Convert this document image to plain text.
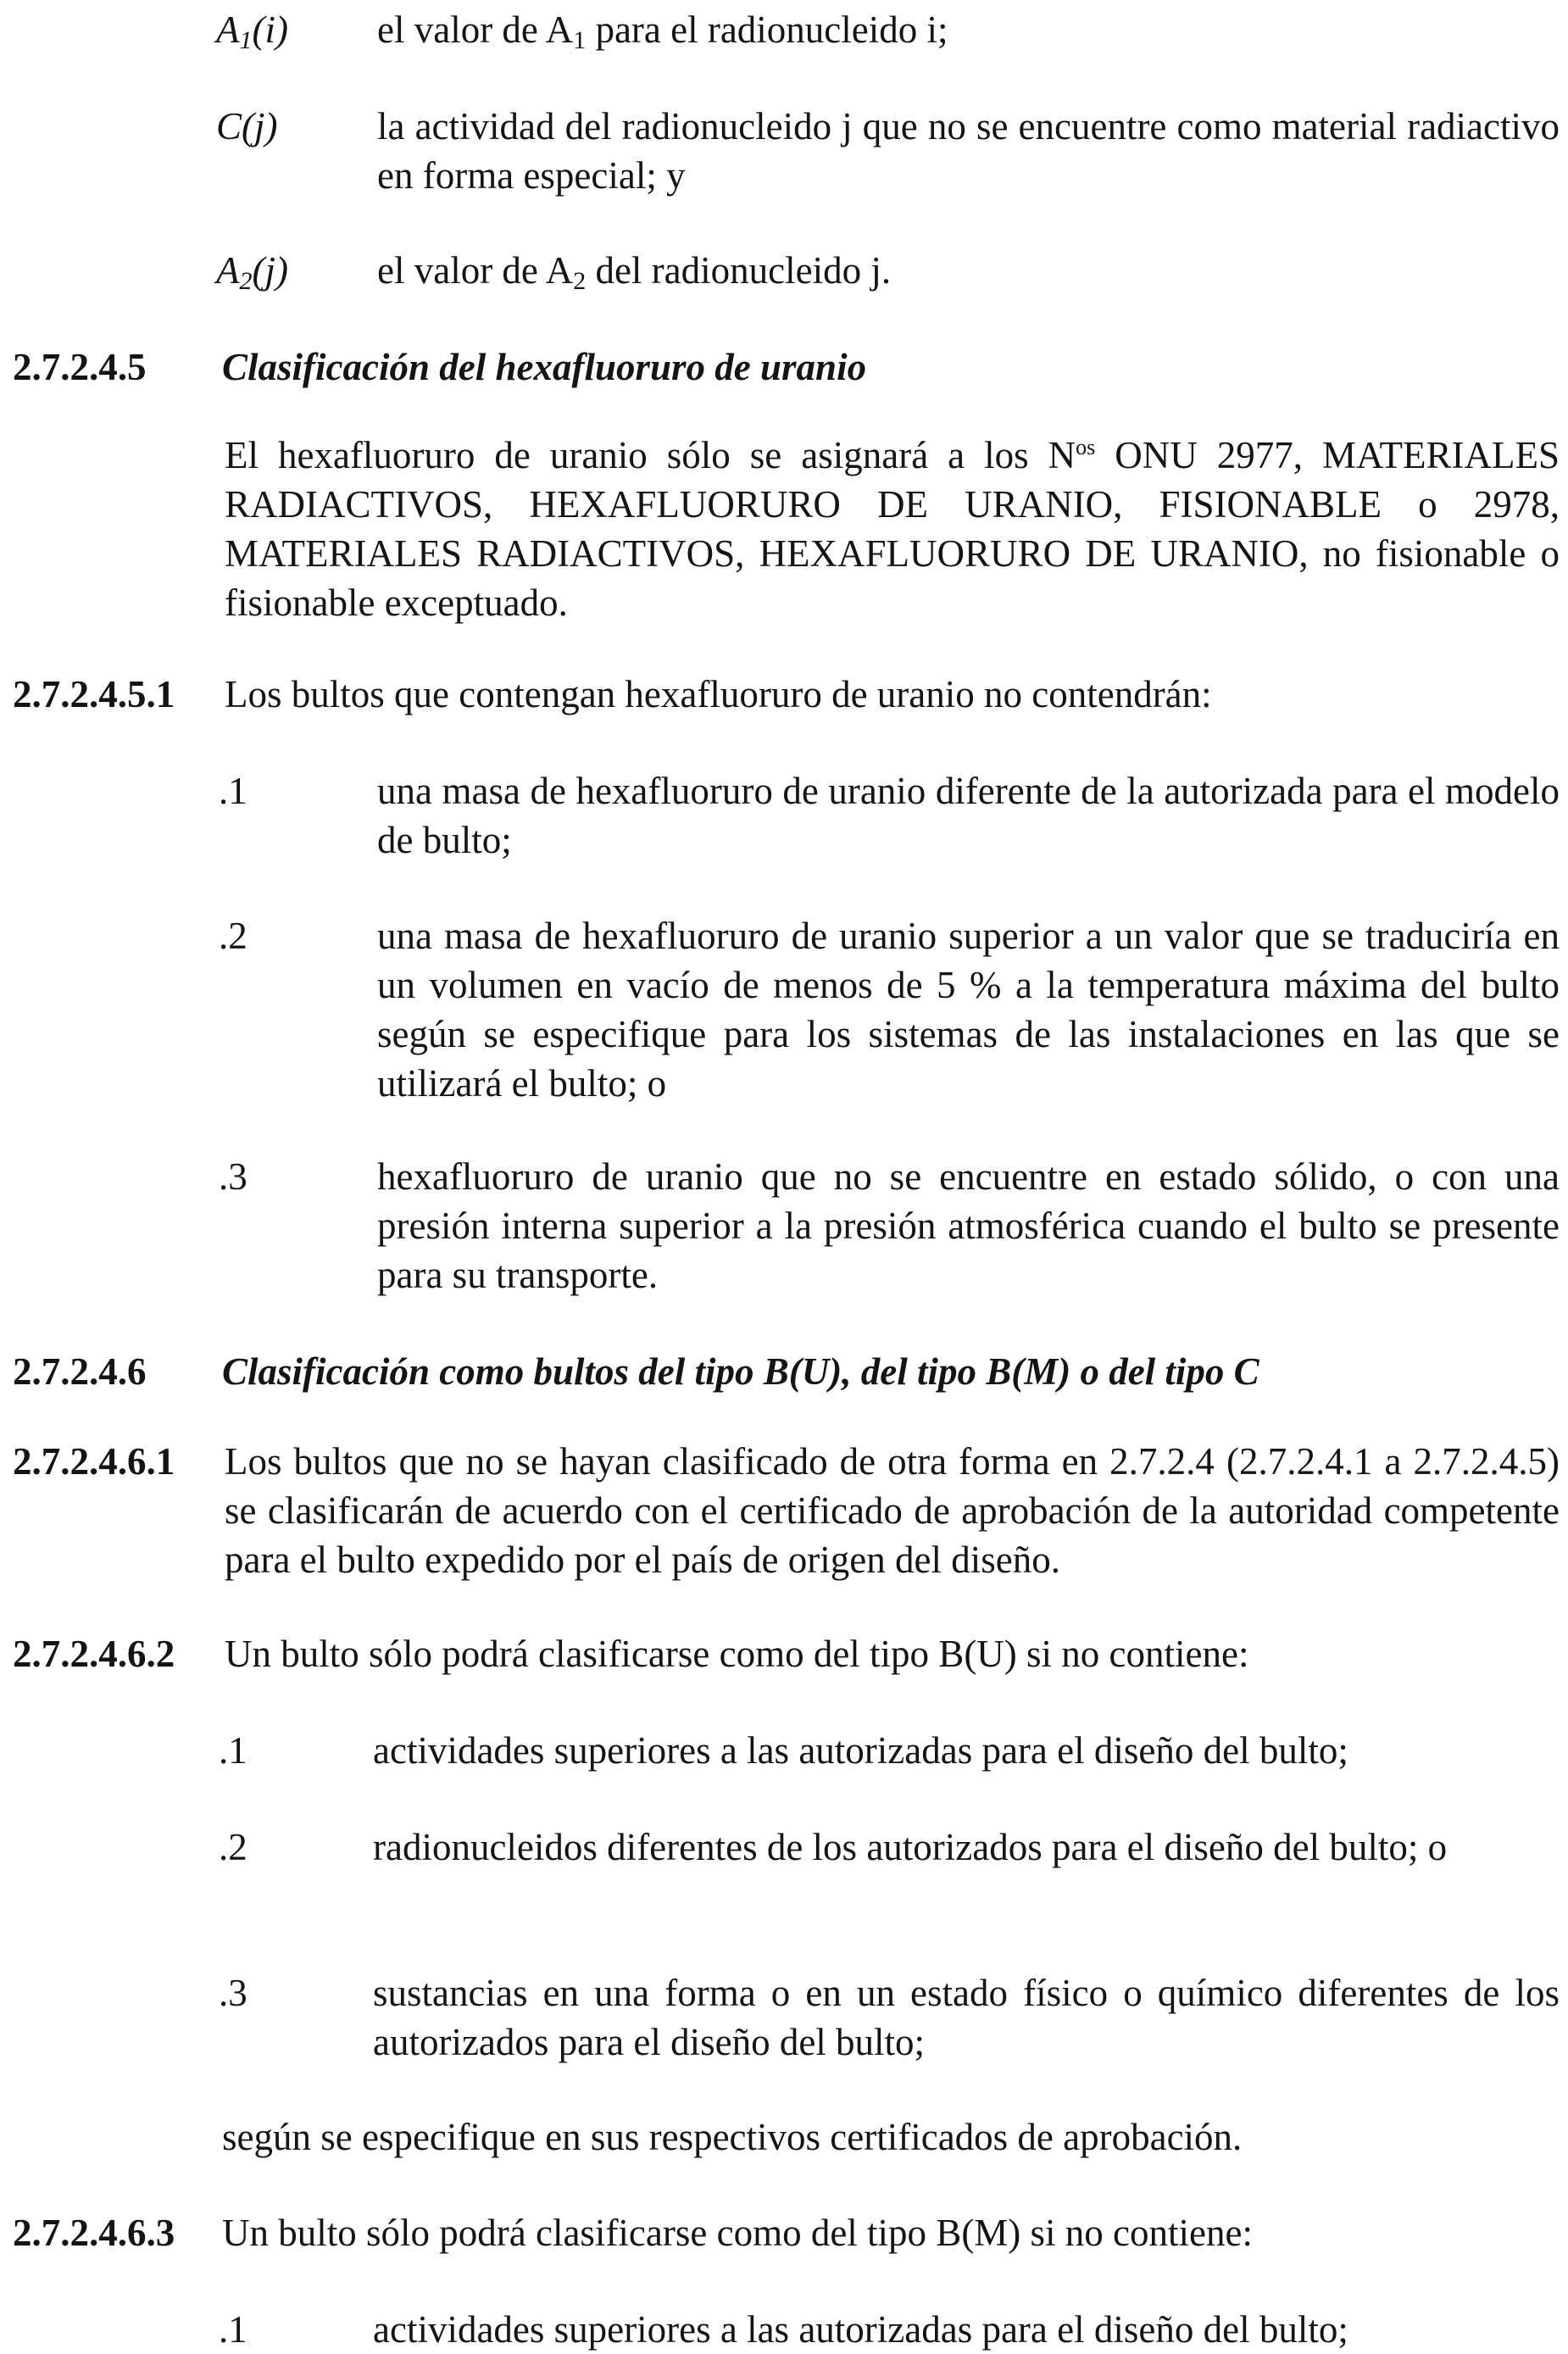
$A_1(i)$ el valor de $A_1$ para el radionucleido i;
C(j)	la actividad del radionucleido j que no se encuentre como material radiactivo en forma especial; y
$A_2(j)$ el valor de $A_2$ del radionucleido j.
2.7.2.4.5 Clasificación del hexafluoruro de uranio
El hexafluoruro de uranio sólo se asignará a los $N^{os}$ ONU 2977, MATERIALES RADIACTIVOS, HEXAFLUORURO DE URANIO, FISIONABLE o 2978, MATERIALES RADIACTIVOS, HEXAFLUORURO DE URANIO, no fisionable o fisionable exceptuado.
2.7.2.4.5.1 Los bultos que contengan hexafluoruro de uranio no contendrán:
.1	una masa de hexafluoruro de uranio diferente de la autorizada para el modelo de bulto;
.2	una masa de hexafluoruro de uranio superior a un valor que se traduciría en un volumen en vacío de menos de 5 % a la temperatura máxima del bulto según se especifique para los sistemas de las instalaciones en las que se utilizará el bulto; o
.3	hexafluoruro de uranio que no se encuentre en estado sólido, o con una presión interna superior a la presión atmosférica cuando el bulto se presente para su transporte.
2.7.2.4.6 Clasificación como bultos del tipo B(U), del tipo B(M) o del tipo C
2.7.2.4.6.1 Los bultos que no se hayan clasificado de otra forma en 2.7.2.4 (2.7.2.4.1 a 2.7.2.4.5) se clasificarán de acuerdo con el certificado de aprobación de la autoridad competente para el bulto expedido por el país de origen del diseño.
2.7.2.4.6.2 Un bulto sólo podrá clasificarse como del tipo B(U) si no contiene:
.1	actividades superiores a las autorizadas para el diseño del bulto;
.2	radionucleidos diferentes de los autorizados para el diseño del bulto; o
.3	sustancias en una forma o en un estado físico o químico diferentes de los autorizados para el diseño del bulto;
según se especifique en sus respectivos certificados de aprobación.
2.7.2.4.6.3 Un bulto sólo podrá clasificarse como del tipo B(M) si no contiene:
.1	actividades superiores a las autorizadas para el diseño del bulto;
